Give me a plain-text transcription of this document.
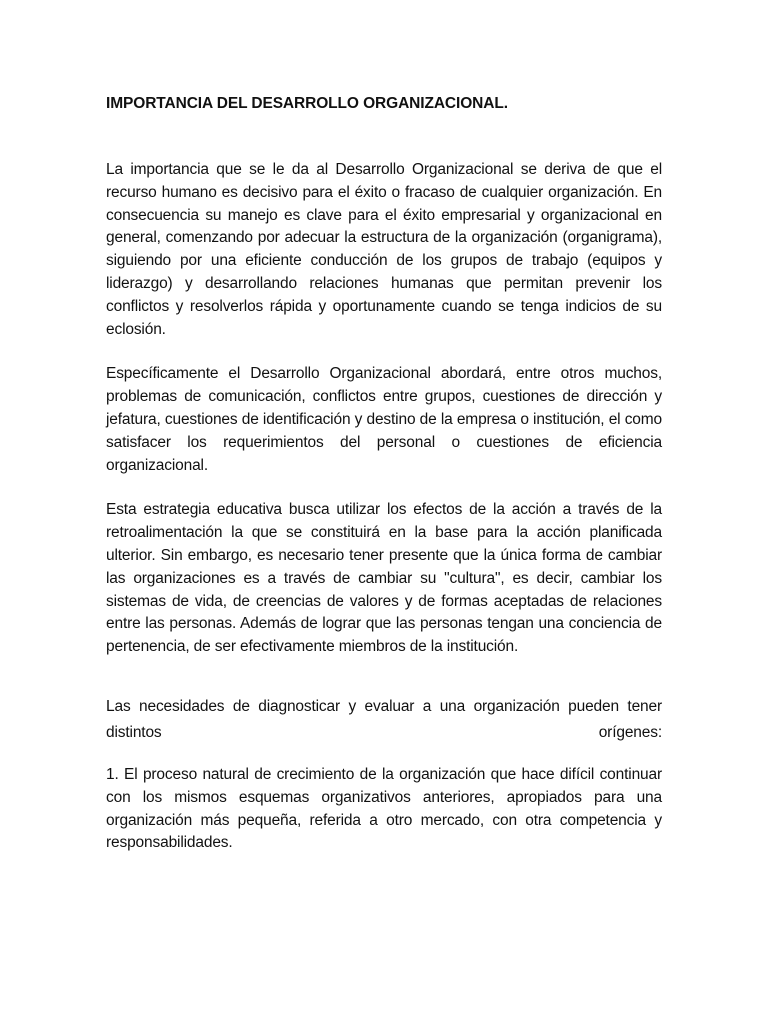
IMPORTANCIA DEL DESARROLLO ORGANIZACIONAL.

La importancia que se le da al Desarrollo Organizacional se deriva de que el recurso humano es decisivo para el éxito o fracaso de cualquier organización. En consecuencia su manejo es clave para el éxito empresarial y organizacional en general, comenzando por adecuar la estructura de la organización (organigrama), siguiendo por una eficiente conducción de los grupos de trabajo (equipos y liderazgo) y desarrollando relaciones humanas que permitan prevenir los conflictos y resolverlos rápida y oportunamente cuando se tenga indicios de su eclosión.

Específicamente el Desarrollo Organizacional abordará, entre otros muchos, problemas de comunicación, conflictos entre grupos, cuestiones de dirección y jefatura, cuestiones de identificación y destino de la empresa o institución, el como satisfacer los requerimientos del personal o cuestiones de eficiencia organizacional.

Esta estrategia educativa busca utilizar los efectos de la acción a través de la retroalimentación la que se constituirá en la base para la acción planificada ulterior. Sin embargo, es necesario tener presente que la única forma de cambiar las organizaciones es a través de cambiar su "cultura", es decir, cambiar los sistemas de vida, de creencias de valores y de formas aceptadas de relaciones entre las personas. Además de lograr que las personas tengan una conciencia de pertenencia, de ser efectivamente miembros de la institución.

Las necesidades de diagnosticar y evaluar a una organización pueden tener distintos orígenes:

1. El proceso natural de crecimiento de la organización que hace difícil continuar con los mismos esquemas organizativos anteriores, apropiados para una organización más pequeña, referida a otro mercado, con otra competencia y responsabilidades.
